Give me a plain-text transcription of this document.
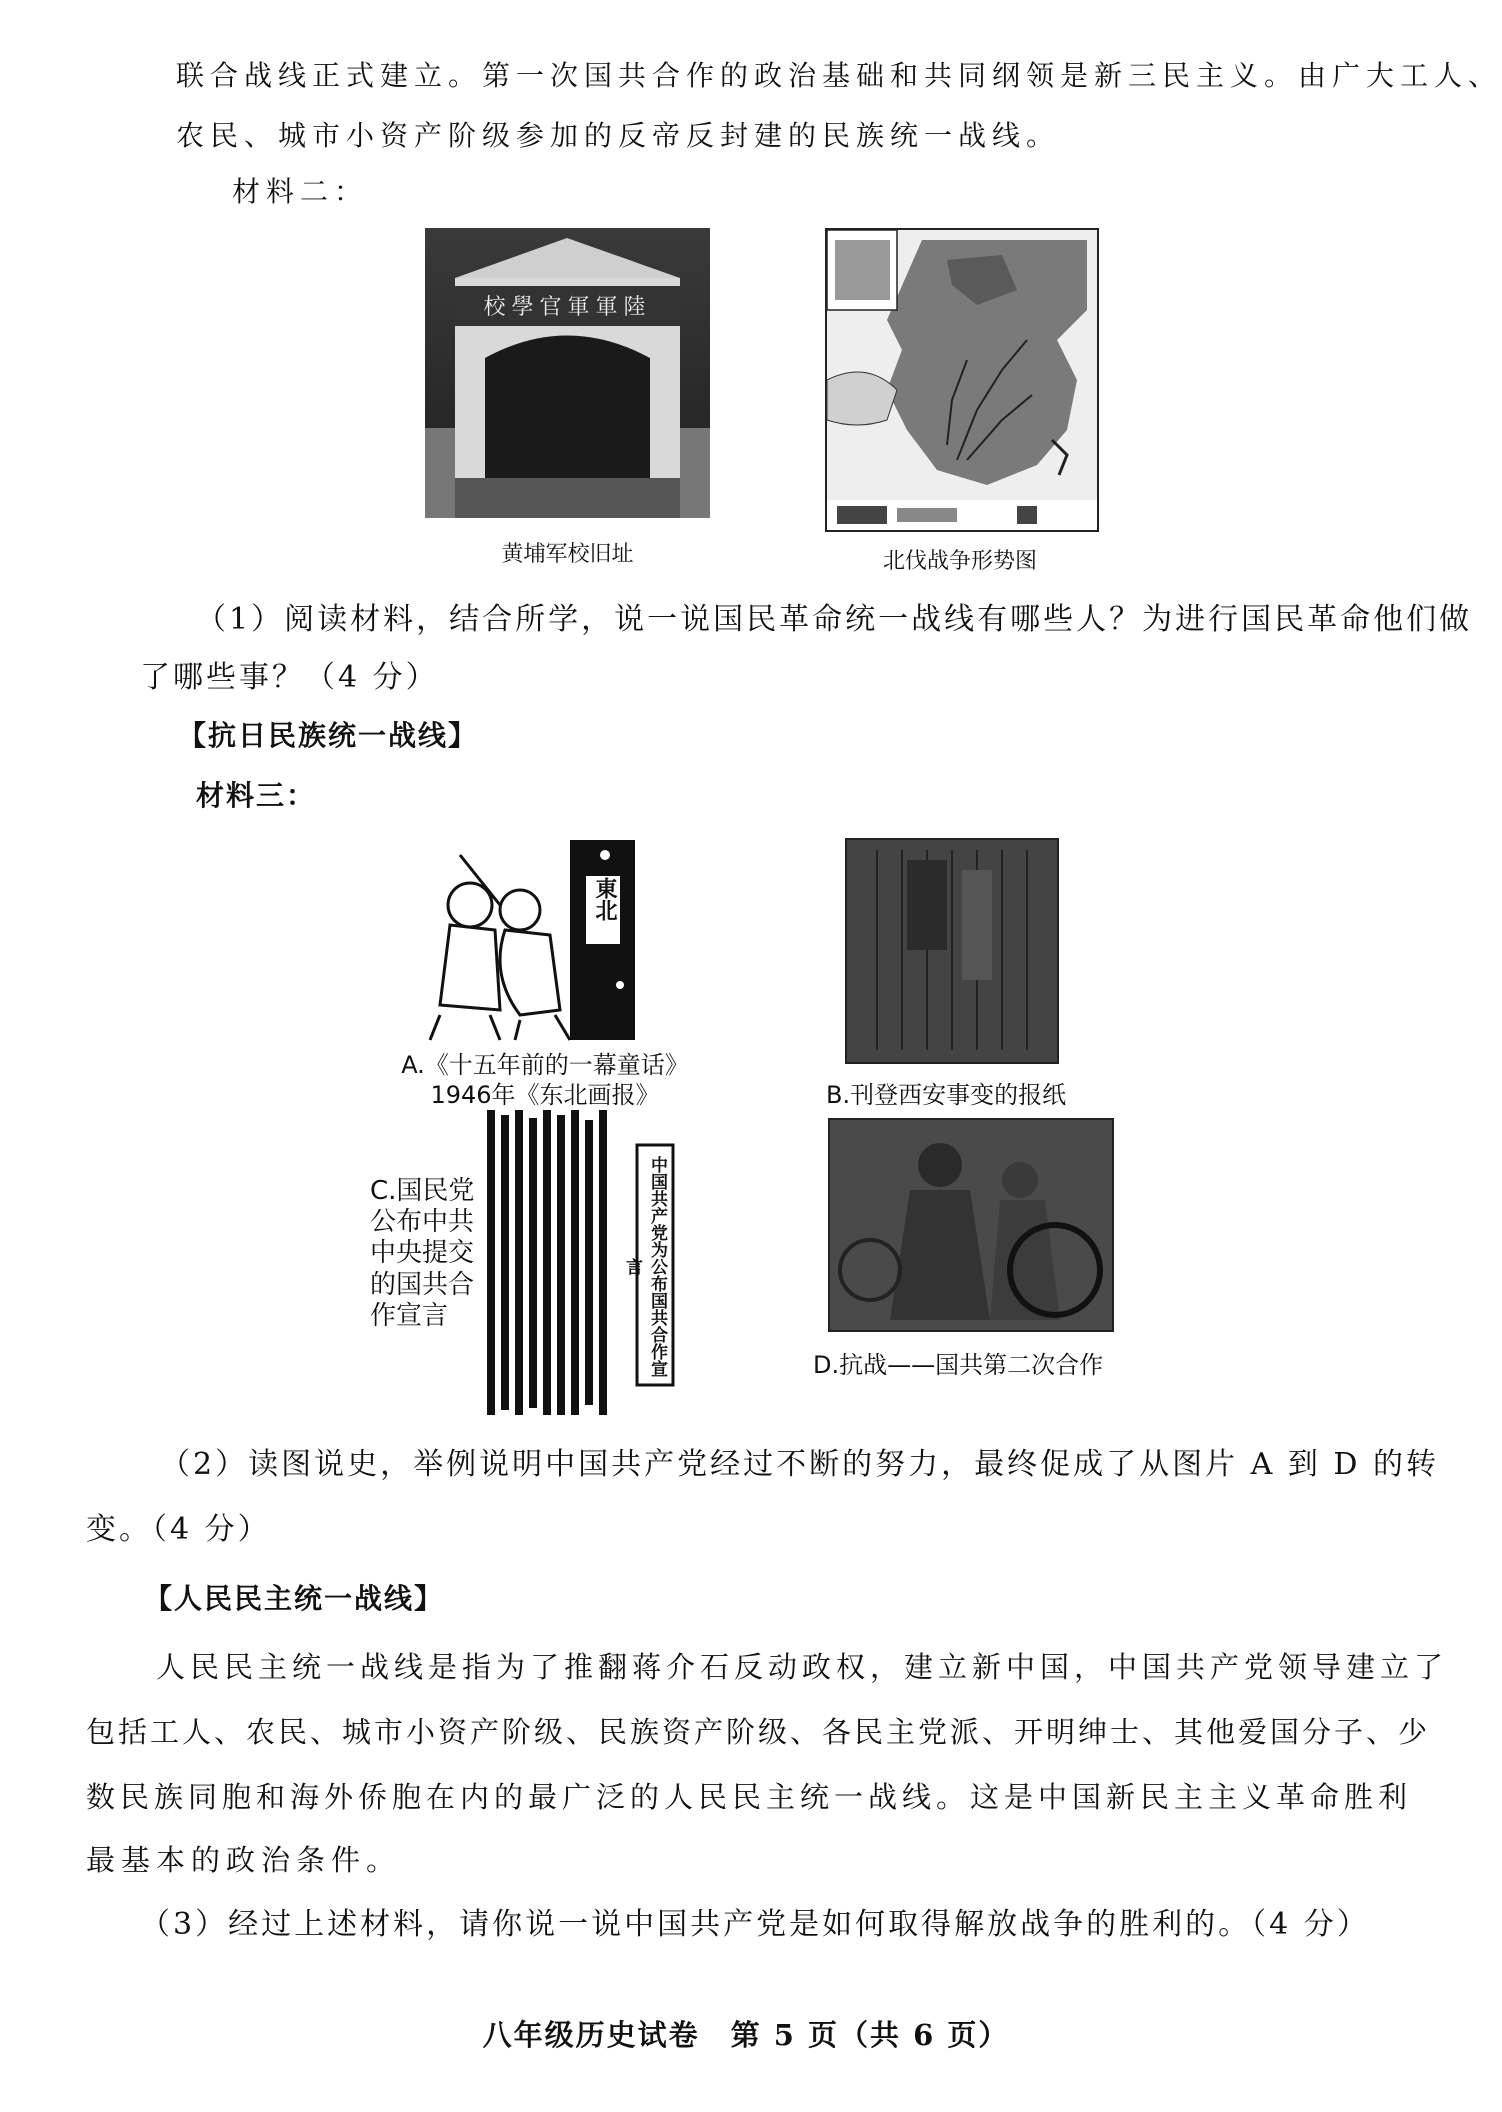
联合战线正式建立。第一次国共合作的政治基础和共同纲领是新三民主义。由广大工人、
农民、城市小资产阶级参加的反帝反封建的民族统一战线。
材料二：
校學官軍軍陸
黄埔军校旧址	北伐战争形势图
（1）阅读材料，结合所学，说一说国民革命统一战线有哪些人？为进行国民革命他们做
了哪些事？（4 分）
【抗日民族统一战线】
材料三：
東北
A.《十五年前的一幕童话》
1946年《东北画报》	B.刊登西安事变的报纸
中国共产党为公布国共合作宣言
C.国民党
公布中共
中央提交
的国共合
作宣言
D.抗战——国共第二次合作
（2）读图说史，举例说明中国共产党经过不断的努力，最终促成了从图片 A 到 D 的转
变。（4 分）
【人民民主统一战线】
人民民主统一战线是指为了推翻蒋介石反动政权，建立新中国，中国共产党领导建立了
包括工人、农民、城市小资产阶级、民族资产阶级、各民主党派、开明绅士、其他爱国分子、少
数民族同胞和海外侨胞在内的最广泛的人民民主统一战线。这是中国新民主主义革命胜利
最基本的政治条件。
（3）经过上述材料，请你说一说中国共产党是如何取得解放战争的胜利的。（4 分）
八年级历史试卷　第 5 页（共 6 页）
